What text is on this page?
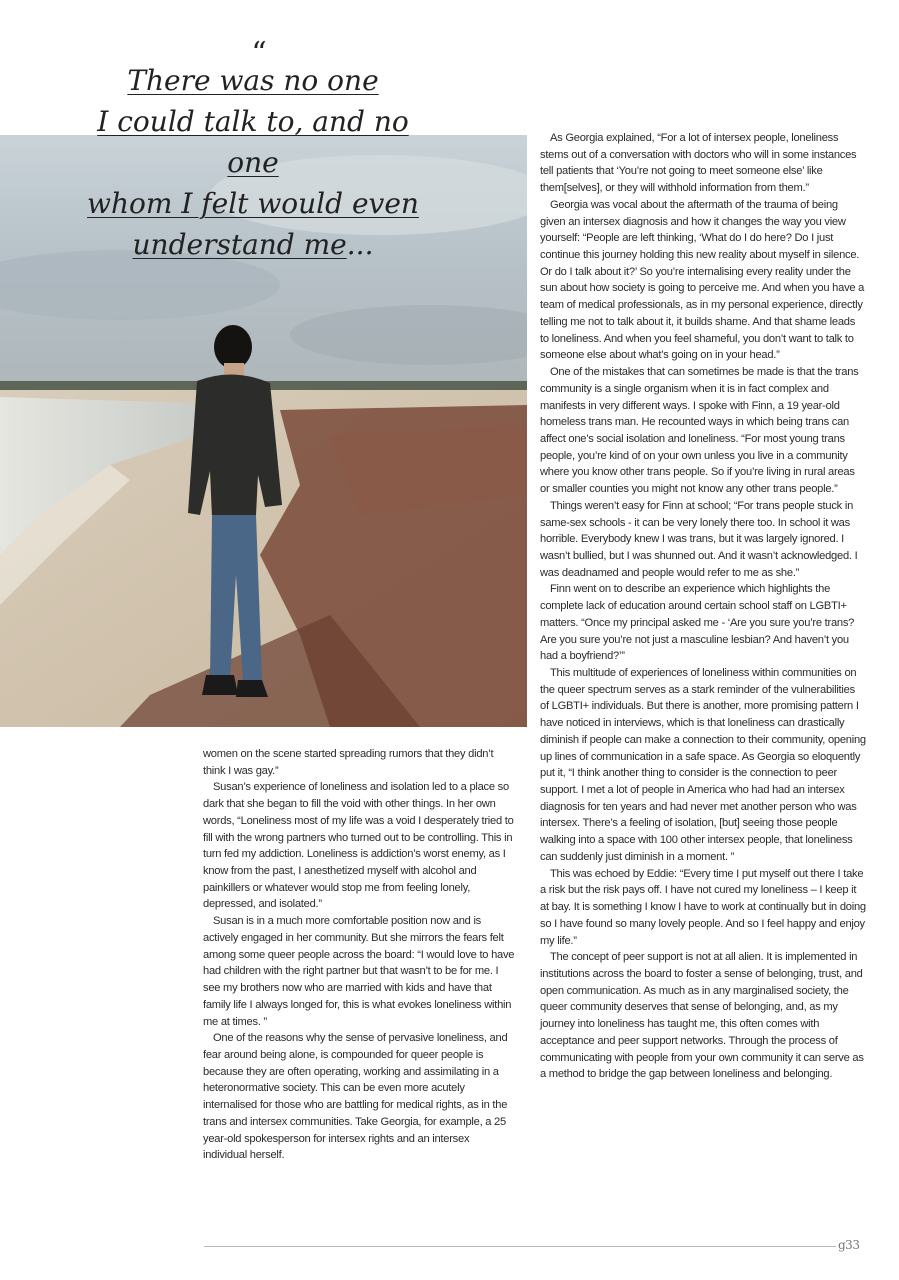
“
There was no one
I could talk to, and no one
whom I felt would even
understand me...

women on the scene started spreading rumors that they didn’t think I was gay.”

Susan’s experience of loneliness and isolation led to a place so dark that she began to fill the void with other things. In her own words, “Loneliness most of my life was a void I desperately tried to fill with the wrong partners who turned out to be controlling. This in turn fed my addiction. Loneliness is addiction’s worst enemy, as I know from the past, I anesthetized myself with alcohol and painkillers or whatever would stop me from feeling lonely, depressed, and isolated.”

Susan is in a much more comfortable position now and is actively engaged in her community. But she mirrors the fears felt among some queer people across the board: “I would love to have had children with the right partner but that wasn’t to be for me. I see my brothers now who are married with kids and have that family life I always longed for, this is what evokes loneliness within me at times. ”

One of the reasons why the sense of pervasive loneliness, and fear around being alone, is compounded for queer people is because they are often operating, working and assimilating in a heteronormative society. This can be even more acutely internalised for those who are battling for medical rights, as in the trans and intersex communities. Take Georgia, for example, a 25 year-old spokesperson for intersex rights and an intersex individual herself.

As Georgia explained, “For a lot of intersex people, loneliness stems out of a conversation with doctors who will in some instances tell patients that ‘You’re not going to meet someone else’ like them[selves], or they will withhold information from them.”

Georgia was vocal about the aftermath of the trauma of being given an intersex diagnosis and how it changes the way you view yourself: “People are left thinking, ‘What do I do here? Do I just continue this journey holding this new reality about myself in silence. Or do I talk about it?’ So you’re internalising every reality under the sun about how society is going to perceive me. And when you have a team of medical professionals, as in my personal experience, directly telling me not to talk about it, it builds shame. And that shame leads to loneliness. And when you feel shameful, you don’t want to talk to someone else about what’s going on in your head.”

One of the mistakes that can sometimes be made is that the trans community is a single organism when it is in fact complex and manifests in very different ways. I spoke with Finn, a 19 year-old homeless trans man. He recounted ways in which being trans can affect one’s social isolation and loneliness. “For most young trans people, you’re kind of on your own unless you live in a community where you know other trans people. So if you’re living in rural areas or smaller counties you might not know any other trans people.”

Things weren’t easy for Finn at school; “For trans people stuck in same-sex schools - it can be very lonely there too. In school it was horrible. Everybody knew I was trans, but it was largely ignored. I wasn’t bullied, but I was shunned out. And it wasn’t acknowledged. I was deadnamed and people would refer to me as she.”

Finn went on to describe an experience which highlights the complete lack of education around certain school staff on LGBTI+ matters. “Once my principal asked me - ‘Are you sure you’re trans? Are you sure you’re not just a masculine lesbian? And haven’t you had a boyfriend?’”

This multitude of experiences of loneliness within communities on the queer spectrum serves as a stark reminder of the vulnerabilities of LGBTI+ individuals. But there is another, more promising pattern I have noticed in interviews, which is that loneliness can drastically diminish if people can make a connection to their community, opening up lines of communication in a safe space. As Georgia so eloquently put it, “I think another thing to consider is the connection to peer support. I met a lot of people in America who had had an intersex diagnosis for ten years and had never met another person who was intersex. There’s a feeling of isolation, [but] seeing those people walking into a space with 100 other intersex people, that loneliness can suddenly just diminish in a moment. ”

This was echoed by Eddie: “Every time I put myself out there I take a risk but the risk pays off. I have not cured my loneliness – I keep it at bay. It is something I know I have to work at continually but in doing so I have found so many lovely people. And so I feel happy and enjoy my life.”

The concept of peer support is not at all alien. It is implemented in institutions across the board to foster a sense of belonging, trust, and open communication. As much as in any marginalised society, the queer community deserves that sense of belonging, and, as my journey into loneliness has taught me, this often comes with acceptance and peer support networks. Through the process of communicating with people from your own community it can serve as a method to bridge the gap between loneliness and belonging.

g33
